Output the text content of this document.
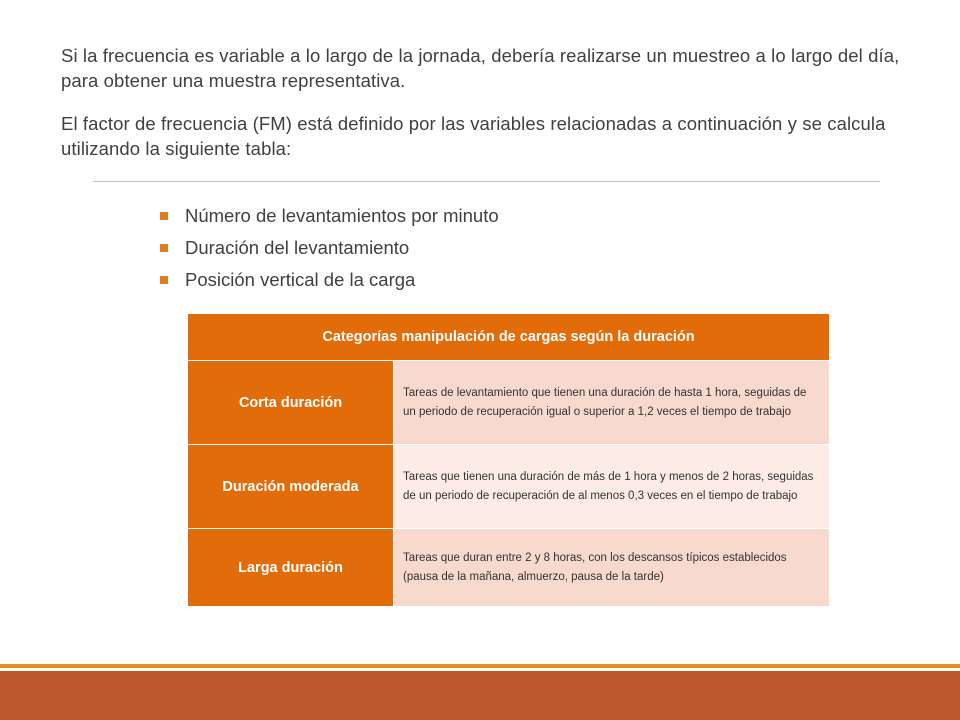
Si la frecuencia es variable a lo largo de la jornada, debería realizarse un muestreo a lo largo del día, para obtener una muestra representativa.

El factor de frecuencia (FM) está definido por las variables relacionadas a continuación y se calcula utilizando la siguiente tabla:

Número de levantamientos por minuto
Duración del levantamiento
Posición vertical de la carga
Categorías manipulación de cargas según la duración
Corta duración
Tareas de levantamiento que tienen una duración de hasta 1 hora, seguidas de un periodo de recuperación igual o superior a 1,2 veces el tiempo de trabajo
Duración moderada
Tareas que tienen una duración de más de 1 hora y menos de 2 horas, seguidas de un periodo de recuperación de al menos 0,3 veces en el tiempo de trabajo
Larga duración
Tareas que duran entre 2 y 8 horas, con los descansos típicos establecidos (pausa de la mañana, almuerzo, pausa de la tarde)
